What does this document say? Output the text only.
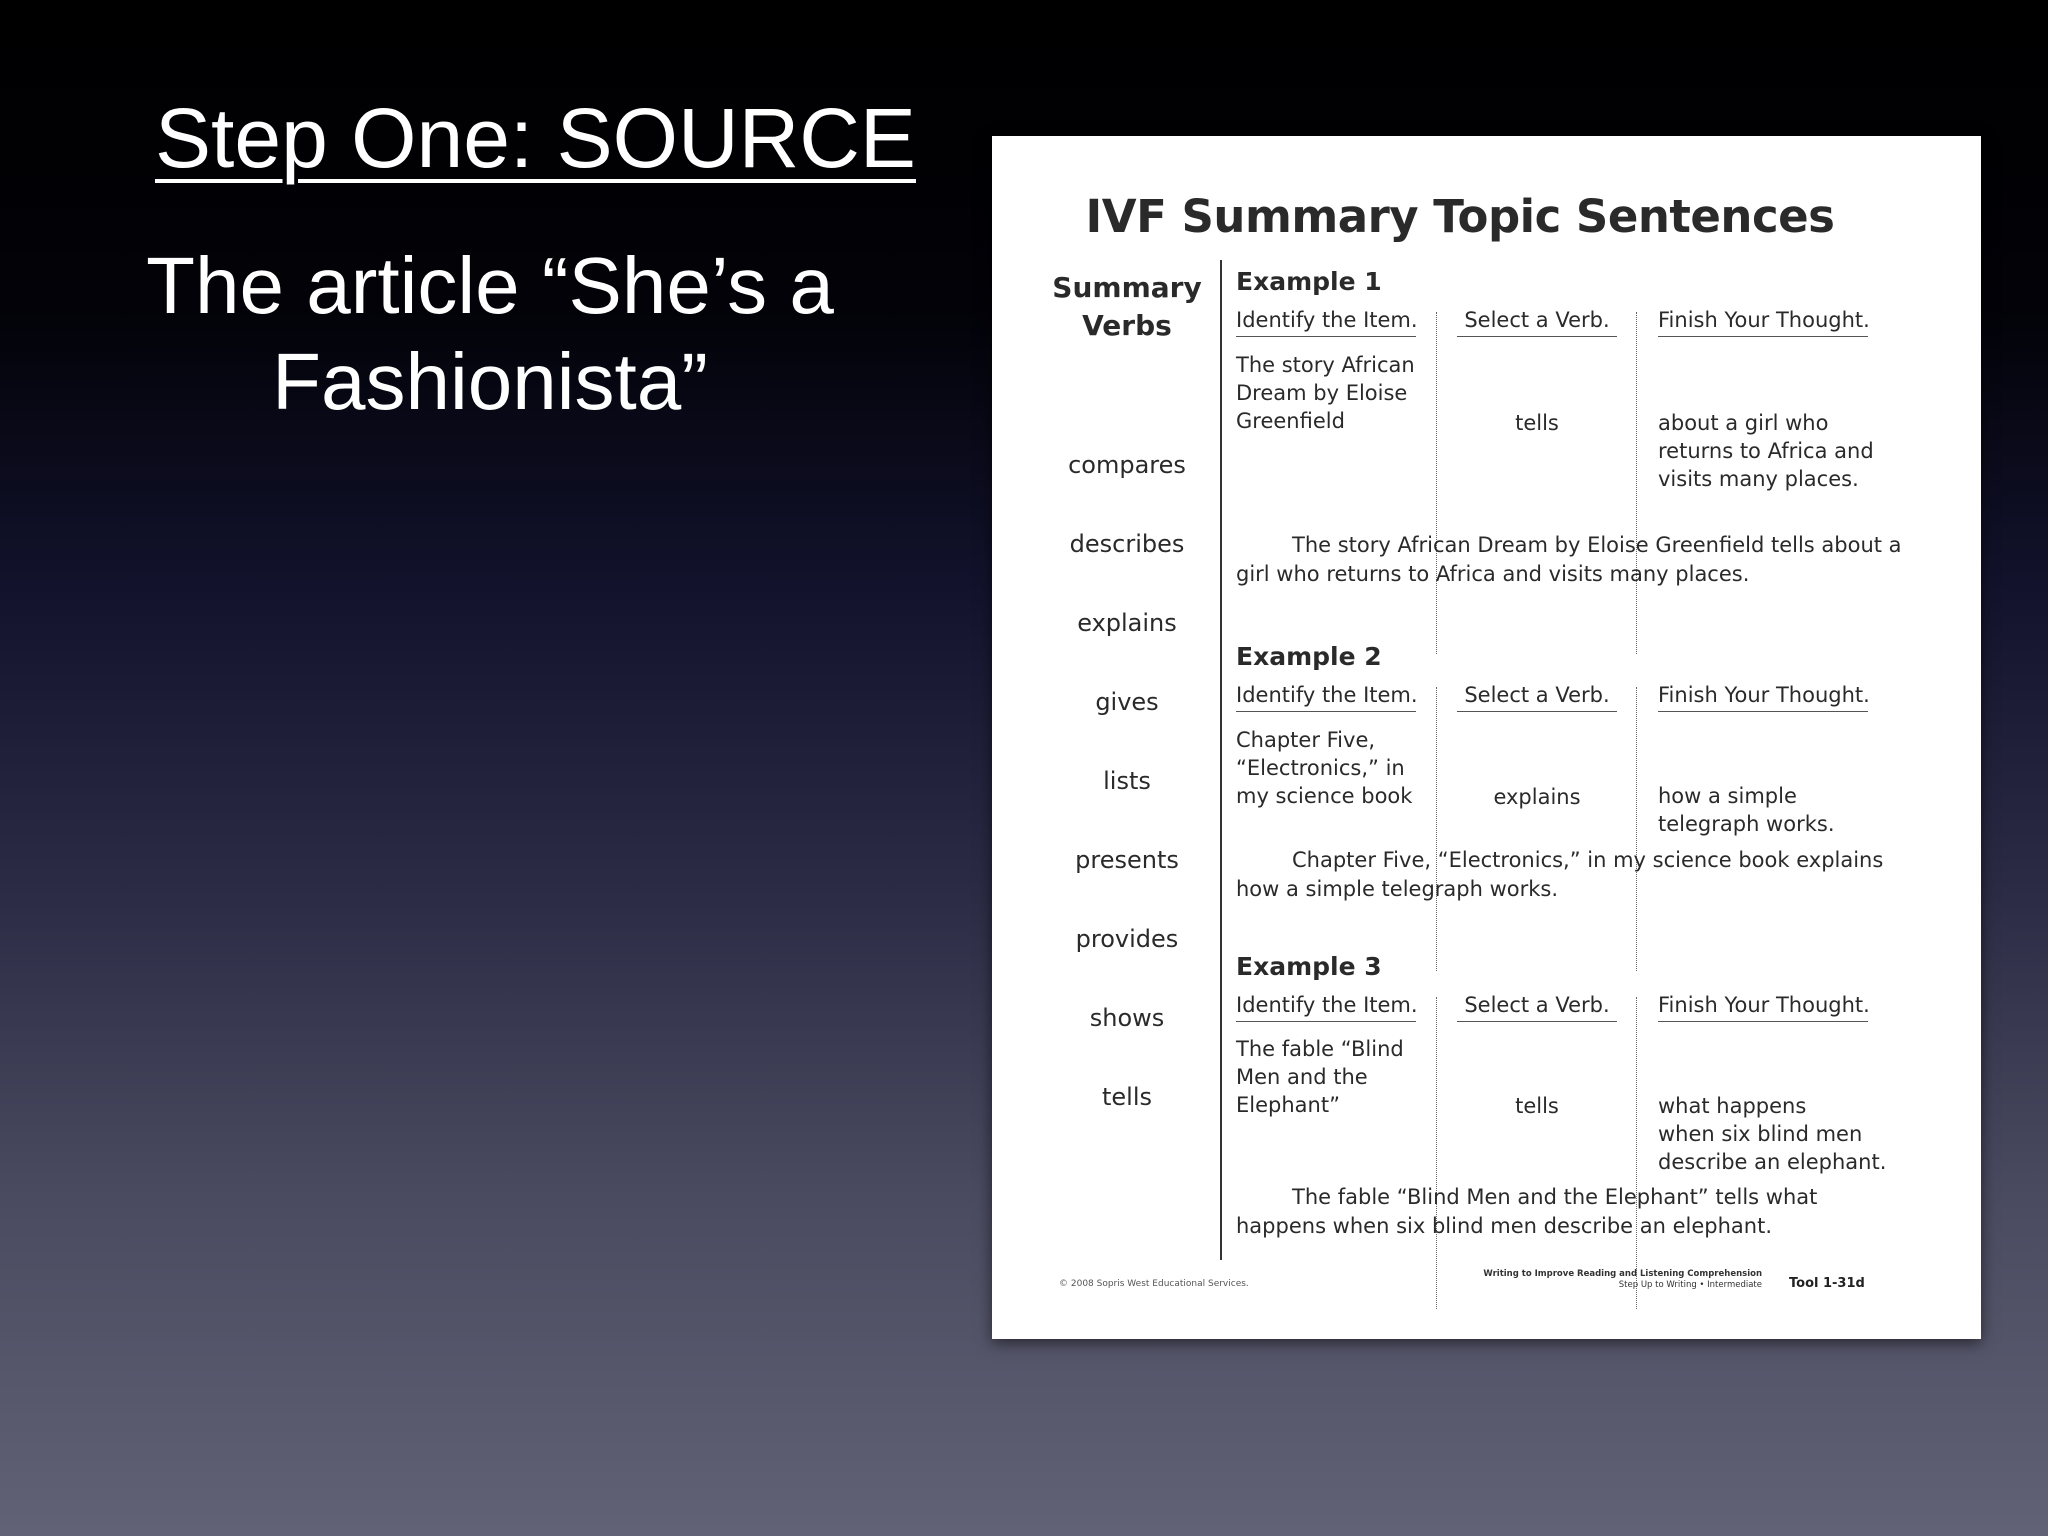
Step One: SOURCE
The article “She’s a
Fashionista”
IVF Summary Topic Sentences
Summary
Verbs
compares
describes
explains
gives
lists
presents
provides
shows
tells
Example 1
Identify the Item.	Select a Verb.	Finish Your Thought.
The story African
Dream by Eloise
Greenfield	tells	about a girl who
returns to Africa and
visits many places.
The story African Dream by Eloise Greenfield tells about a girl who returns to Africa and visits many places.
Example 2
Identify the Item.	Select a Verb.	Finish Your Thought.
Chapter Five,
“Electronics,” in
my science book	explains	how a simple
telegraph works.
Chapter Five, “Electronics,” in my science book explains how a simple telegraph works.
Example 3
Identify the Item.	Select a Verb.	Finish Your Thought.
The fable “Blind
Men and the
Elephant”	tells	what happens
when six blind men
describe an elephant.
The fable “Blind Men and the Elephant” tells what happens when six blind men describe an elephant.
© 2008 Sopris West Educational Services.
Writing to Improve Reading and Listening Comprehension
Step Up to Writing • Intermediate Tool 1-31d
